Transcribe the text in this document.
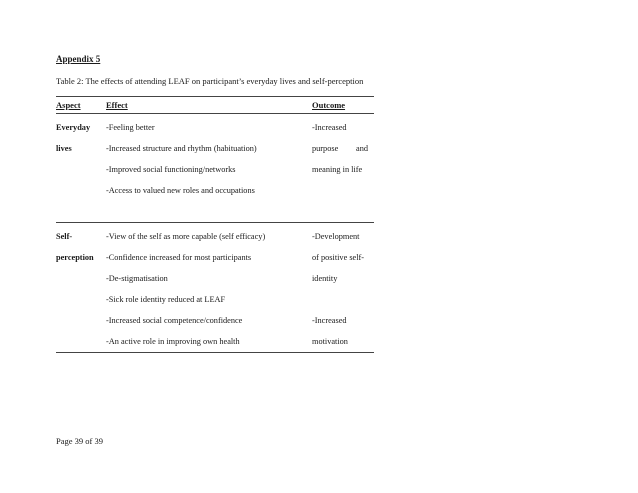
Appendix 5
Table 2: The effects of attending LEAF on participant’s everyday lives and self-perception
Aspect	Effect	Outcome
Everyday
lives
-Feeling better
-Increased structure and rhythm (habituation)
-Improved social functioning/networks
-Access to valued new roles and occupations
-Increased
purpose and
meaning in life
Self-
perception
-View of the self as more capable (self efficacy)
-Confidence increased for most participants
-De-stigmatisation
-Sick role identity reduced at LEAF
-Increased social competence/confidence
-An active role in improving own health
-Development
of positive self-
identity
-Increased
motivation
Page 39 of 39
